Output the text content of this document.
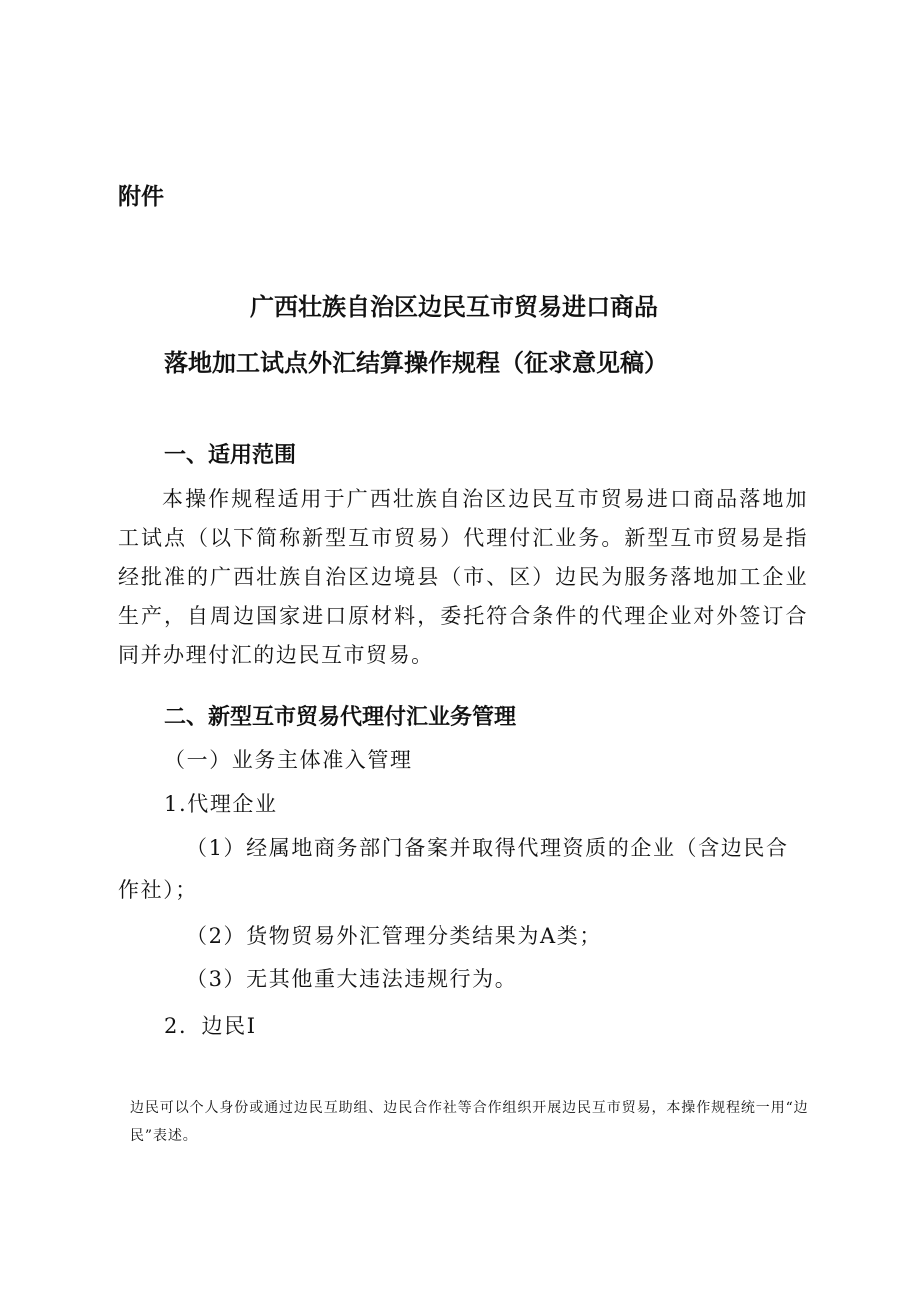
附件

广西壮族自治区边民互市贸易进口商品

落地加工试点外汇结算操作规程（征求意见稿）

一、适用范围

本操作规程适用于广西壮族自治区边民互市贸易进口商品落地加工试点（以下简称新型互市贸易）代理付汇业务。新型互市贸易是指经批准的广西壮族自治区边境县（市、区）边民为服务落地加工企业生产，自周边国家进口原材料，委托符合条件的代理企业对外签订合同并办理付汇的边民互市贸易。

二、新型互市贸易代理付汇业务管理

（一）业务主体准入管理

1.代理企业

（1）经属地商务部门备案并取得代理资质的企业（含边民合

作社）；

（2）货物贸易外汇管理分类结果为A类；

（3）无其他重大违法违规行为。

2．边民I

边民可以个人身份或通过边民互助组、边民合作社等合作组织开展边民互市贸易，本操作规程统一用“边民”表述。
